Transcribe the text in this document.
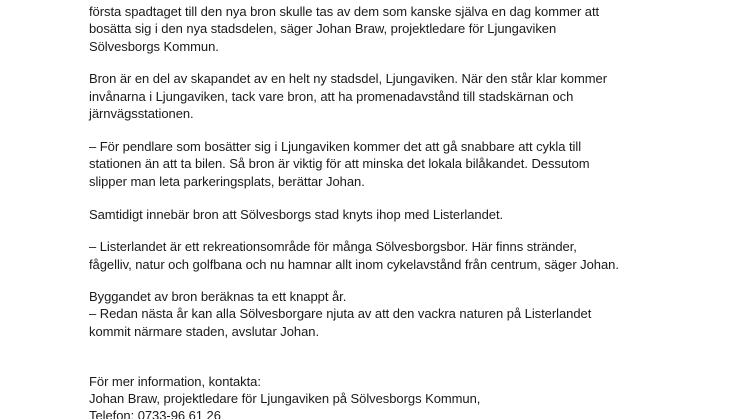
första spadtaget till den nya bron skulle tas av dem som kanske själva en dag kommer att
bosätta sig i den nya stadsdelen, säger Johan Braw, projektledare för Ljungaviken
Sölvesborgs Kommun.
Bron är en del av skapandet av en helt ny stadsdel, Ljungaviken. När den står klar kommer
invånarna i Ljungaviken, tack vare bron, att ha promenadavstånd till stadskärnan och
järnvägsstationen.
– För pendlare som bosätter sig i Ljungaviken kommer det att gå snabbare att cykla till
stationen än att ta bilen. Så bron är viktig för att minska det lokala bilåkandet. Dessutom
slipper man leta parkeringsplats, berättar Johan.
Samtidigt innebär bron att Sölvesborgs stad knyts ihop med Listerlandet.
– Listerlandet är ett rekreationsområde för många Sölvesborgsbor. Här finns stränder,
fågelliv, natur och golfbana och nu hamnar allt inom cykelavstånd från centrum, säger Johan.
Byggandet av bron beräknas ta ett knappt år.
– Redan nästa år kan alla Sölvesborgare njuta av att den vackra naturen på Listerlandet
kommit närmare staden, avslutar Johan.
För mer information, kontakta:
Johan Braw, projektledare för Ljungaviken på Sölvesborgs Kommun,
Telefon: 0733-96 61 26
